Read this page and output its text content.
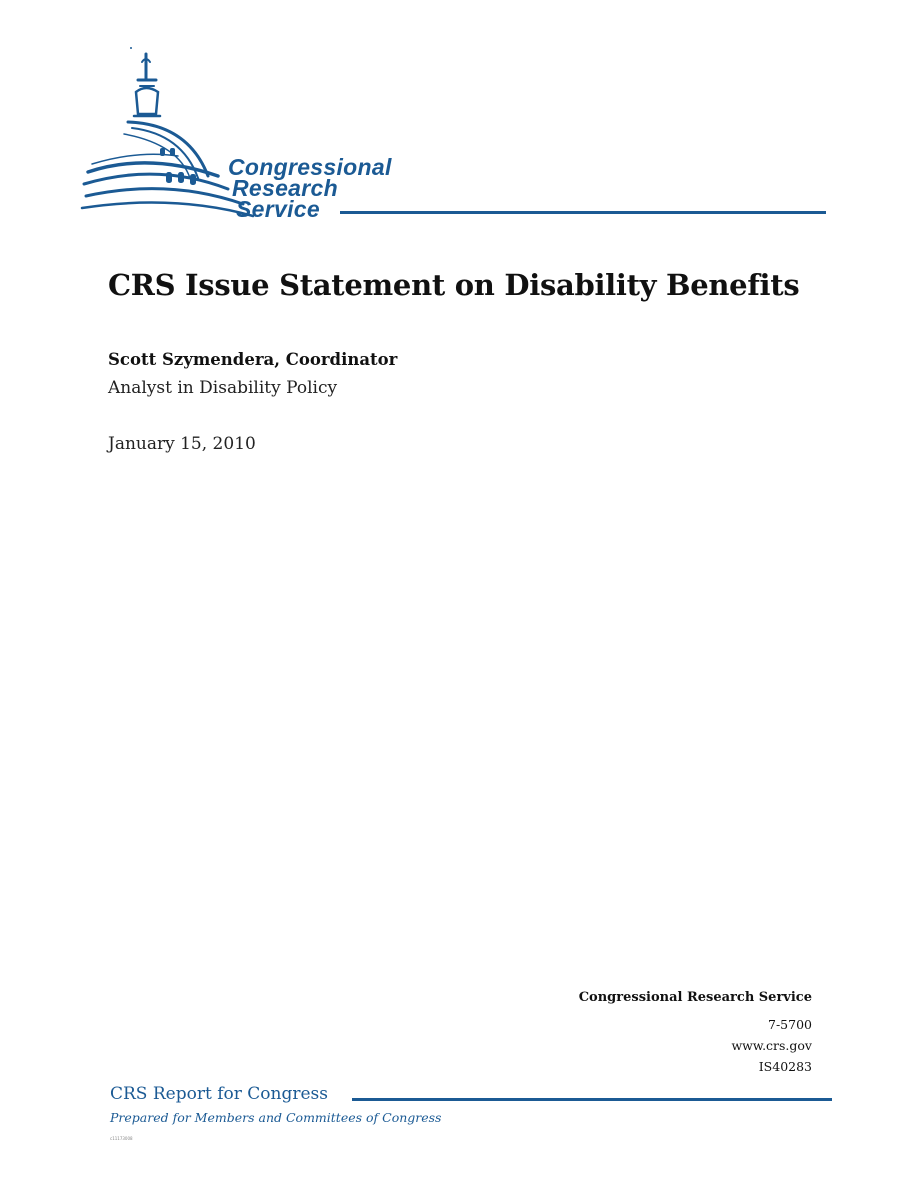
Congressional
Research
Service
CRS Issue Statement on Disability Benefits
Scott Szymendera, Coordinator
Analyst in Disability Policy
January 15, 2010
Congressional Research Service
7-5700
www.crs.gov
IS40283
CRS Report for Congress
Prepared for Members and Committees of Congress
c11173008
